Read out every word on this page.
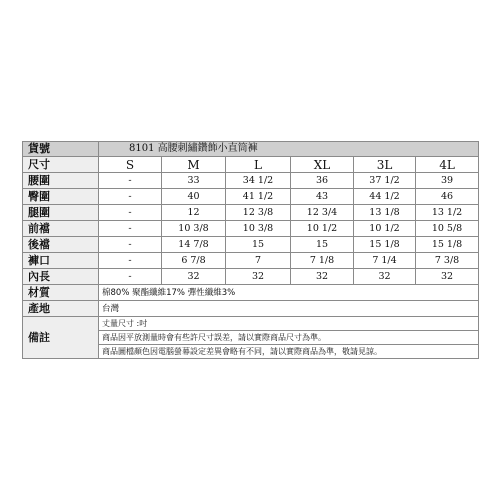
貨號	8101 高腰刺繡鑽飾小直筒褲					
尺寸	S	M	L	XL	3L	4L
腰圍	-	33	34 1/2	36	37 1/2	39
臀圍	-	40	41 1/2	43	44 1/2	46
腿圍	-	12	12 3/8	12 3/4	13 1/8	13 1/2
前襠	-	10 3/8	10 3/8	10 1/2	10 1/2	10 5/8
後襠	-	14 7/8	15	15	15 1/8	15 1/8
褲口	-	6 7/8	7	7 1/8	7 1/4	7 3/8
內長	-	32	32	32	32	32
材質	棉80% 聚酯纖維17% 彈性纖維3%					
產地	台灣					
備註	丈量尺寸 :吋
商品因平放測量時會有些許尺寸誤差，請以實際商品尺寸為準。
商品圖檔顏色因電腦螢幕設定差異會略有不同，請以實際商品為準，敬請見諒。					
